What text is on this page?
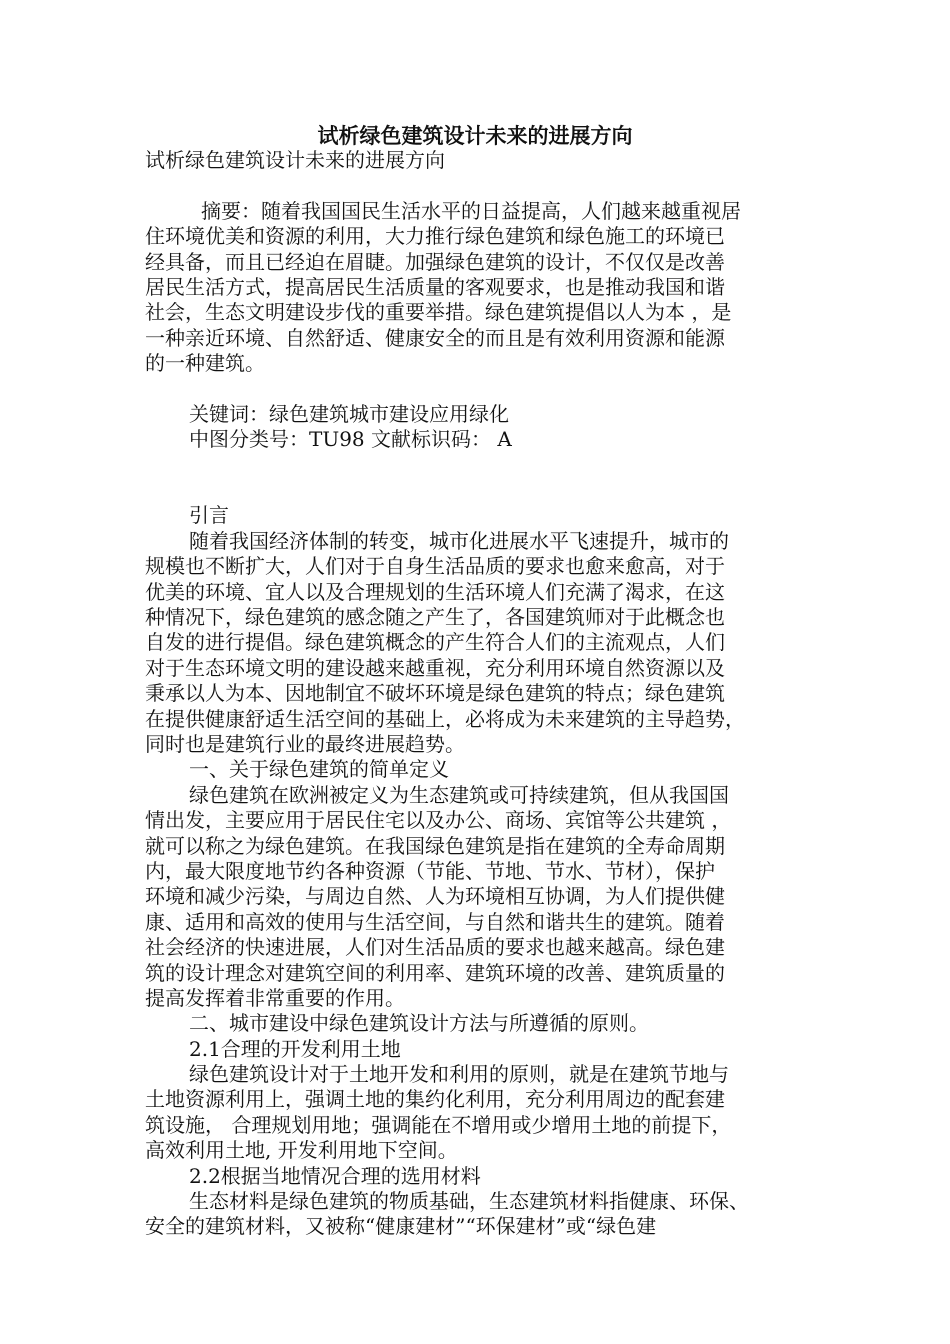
试析绿色建筑设计未来的进展方向
试析绿色建筑设计未来的进展方向
摘要：随着我国国民生活水平的日益提高，人们越来越重视居
住环境优美和资源的利用，大力推行绿色建筑和绿色施工的环境已
经具备，而且已经迫在眉睫。加强绿色建筑的设计，不仅仅是改善
居民生活方式，提高居民生活质量的客观要求，也是推动我国和谐
社会，生态文明建设步伐的重要举措。绿色建筑提倡以人为本 ，是
一种亲近环境、自然舒适、健康安全的而且是有效利用资源和能源
的一种建筑。
关键词：绿色建筑城市建设应用绿化
中图分类号：TU98 文献标识码： A
引言
随着我国经济体制的转变，城市化进展水平飞速提升，城市的
规模也不断扩大，人们对于自身生活品质的要求也愈来愈高，对于
优美的环境、宜人以及合理规划的生活环境人们充满了渴求，在这
种情况下，绿色建筑的感念随之产生了，各国建筑师对于此概念也
自发的进行提倡。绿色建筑概念的产生符合人们的主流观点，人们
对于生态环境文明的建设越来越重视，充分利用环境自然资源以及
秉承以人为本、因地制宜不破坏环境是绿色建筑的特点；绿色建筑
在提供健康舒适生活空间的基础上，必将成为未来建筑的主导趋势，
同时也是建筑行业的最终进展趋势。
一、关于绿色建筑的简单定义
绿色建筑在欧洲被定义为生态建筑或可持续建筑，但从我国国
情出发，主要应用于居民住宅以及办公、商场、宾馆等公共建筑 ，
就可以称之为绿色建筑。在我国绿色建筑是指在建筑的全寿命周期
内，最大限度地节约各种资源（节能、节地、节水、节材），保护
环境和减少污染，与周边自然、人为环境相互协调，为人们提供健
康、适用和高效的使用与生活空间，与自然和谐共生的建筑。随着
社会经济的快速进展，人们对生活品质的要求也越来越高。绿色建
筑的设计理念对建筑空间的利用率、建筑环境的改善、建筑质量的
提高发挥着非常重要的作用。
二、城市建设中绿色建筑设计方法与所遵循的原则。
2.1合理的开发利用土地
绿色建筑设计对于土地开发和利用的原则，就是在建筑节地与
土地资源利用上，强调土地的集约化利用，充分利用周边的配套建
筑设施， 合理规划用地；强调能在不增用或少增用土地的前提下，
高效利用土地, 开发利用地下空间。
2.2根据当地情况合理的选用材料
生态材料是绿色建筑的物质基础，生态建筑材料指健康、环保、
安全的建筑材料，又被称“健康建材”“环保建材”或“绿色建
